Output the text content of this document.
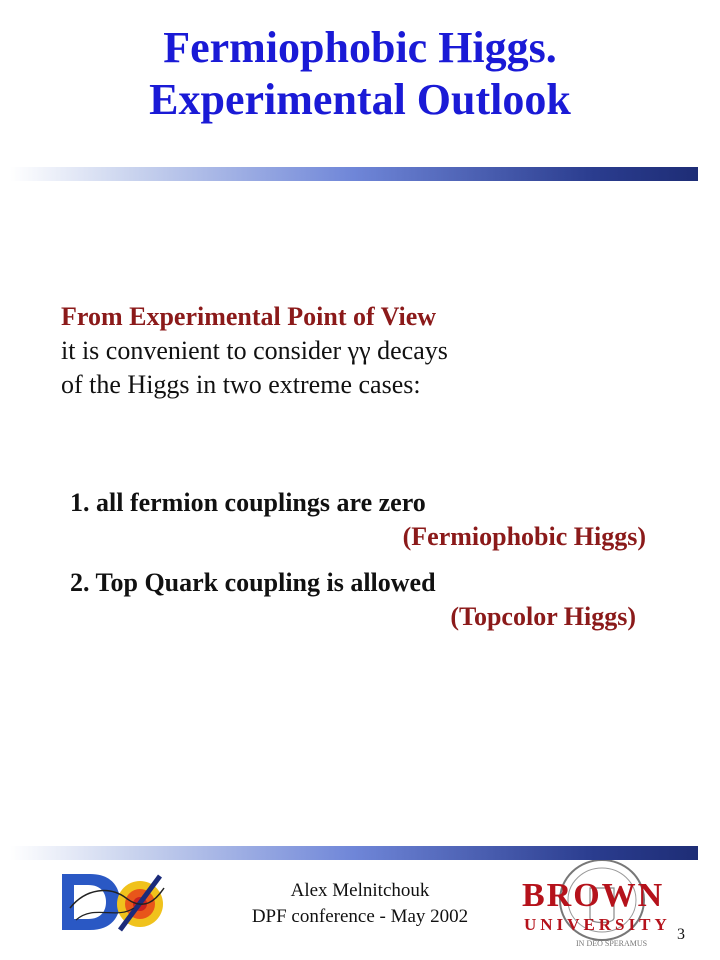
Fermiophobic Higgs.
Experimental Outlook
From Experimental Point of View
it is convenient to consider γγ decays
of the Higgs in two extreme cases:
1. all fermion couplings are zero
(Fermiophobic Higgs)
2. Top Quark coupling is allowed
(Topcolor Higgs)
Alex Melnitchouk
DPF conference - May 2002
BROWN
UNIVERSITY
IN DEO SPERAMUS
3
